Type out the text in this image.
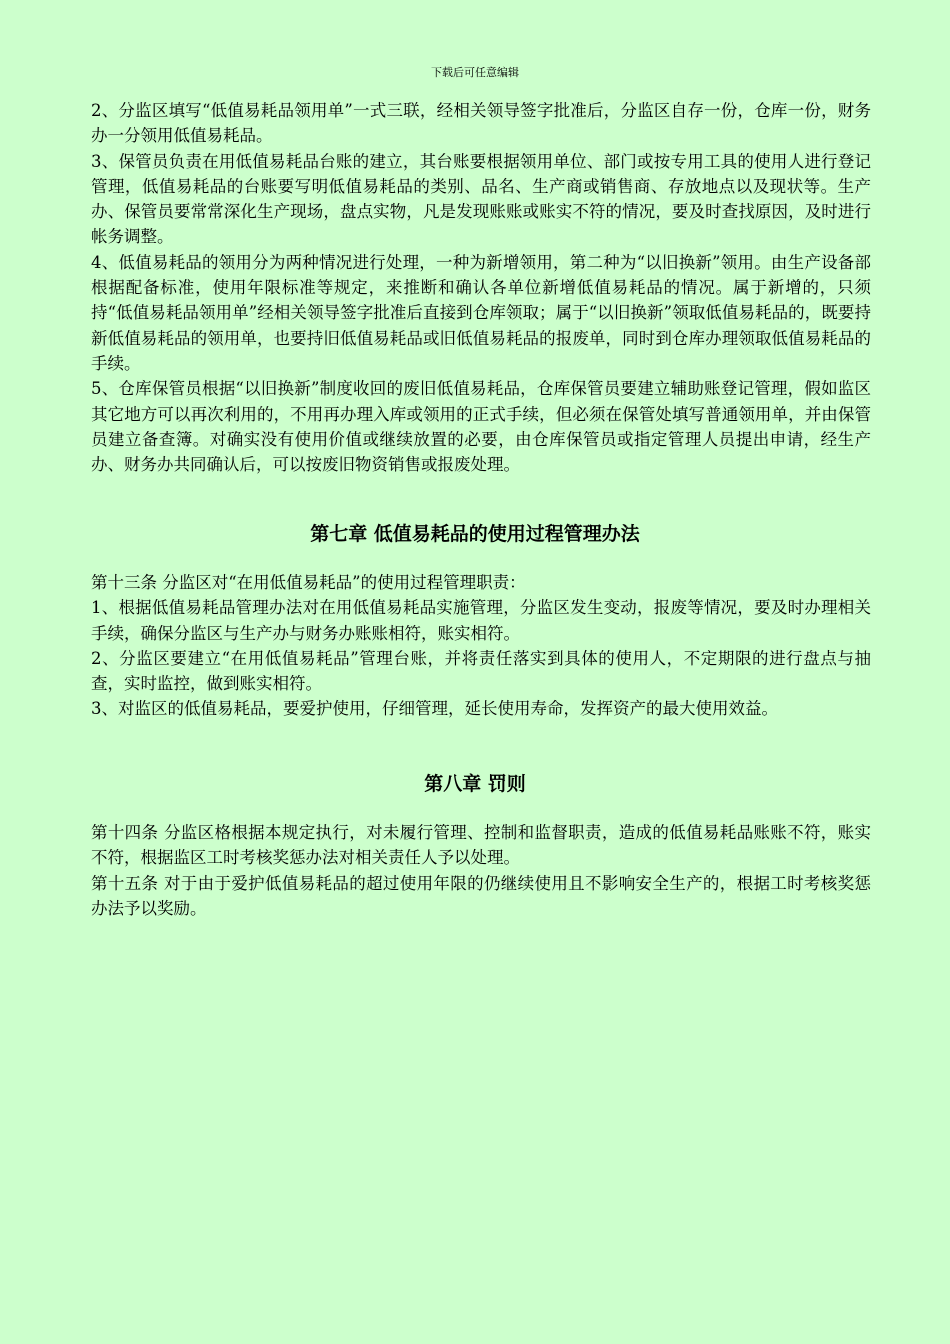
下载后可任意编辑

2、分监区填写“低值易耗品领用单”一式三联，经相关领导签字批准后，分监区自存一份，仓库一份，财务办一分领用低值易耗品。

3、保管员负责在用低值易耗品台账的建立，其台账要根据领用单位、部门或按专用工具的使用人进行登记管理，低值易耗品的台账要写明低值易耗品的类别、品名、生产商或销售商、存放地点以及现状等。生产办、保管员要常常深化生产现场，盘点实物，凡是发现账账或账实不符的情况，要及时查找原因，及时进行帐务调整。

4、低值易耗品的领用分为两种情况进行处理，一种为新增领用，第二种为“以旧换新”领用。由生产设备部根据配备标准，使用年限标准等规定，来推断和确认各单位新增低值易耗品的情况。属于新增的，只须持“低值易耗品领用单”经相关领导签字批准后直接到仓库领取；属于“以旧换新”领取低值易耗品的，既要持新低值易耗品的领用单，也要持旧低值易耗品或旧低值易耗品的报废单，同时到仓库办理领取低值易耗品的手续。

5、仓库保管员根据“以旧换新”制度收回的废旧低值易耗品，仓库保管员要建立辅助账登记管理，假如监区其它地方可以再次利用的，不用再办理入库或领用的正式手续，但必须在保管处填写普通领用单，并由保管员建立备查簿。对确实没有使用价值或继续放置的必要，由仓库保管员或指定管理人员提出申请，经生产办、财务办共同确认后，可以按废旧物资销售或报废处理。

第七章 低值易耗品的使用过程管理办法

第十三条 分监区对“在用低值易耗品”的使用过程管理职责：

1、根据低值易耗品管理办法对在用低值易耗品实施管理，分监区发生变动，报废等情况，要及时办理相关手续，确保分监区与生产办与财务办账账相符，账实相符。

2、分监区要建立“在用低值易耗品”管理台账，并将责任落实到具体的使用人，不定期限的进行盘点与抽查，实时监控，做到账实相符。

3、对监区的低值易耗品，要爱护使用，仔细管理，延长使用寿命，发挥资产的最大使用效益。

第八章 罚则

第十四条 分监区格根据本规定执行，对未履行管理、控制和监督职责，造成的低值易耗品账账不符，账实不符，根据监区工时考核奖惩办法对相关责任人予以处理。

第十五条 对于由于爱护低值易耗品的超过使用年限的仍继续使用且不影响安全生产的，根据工时考核奖惩办法予以奖励。
